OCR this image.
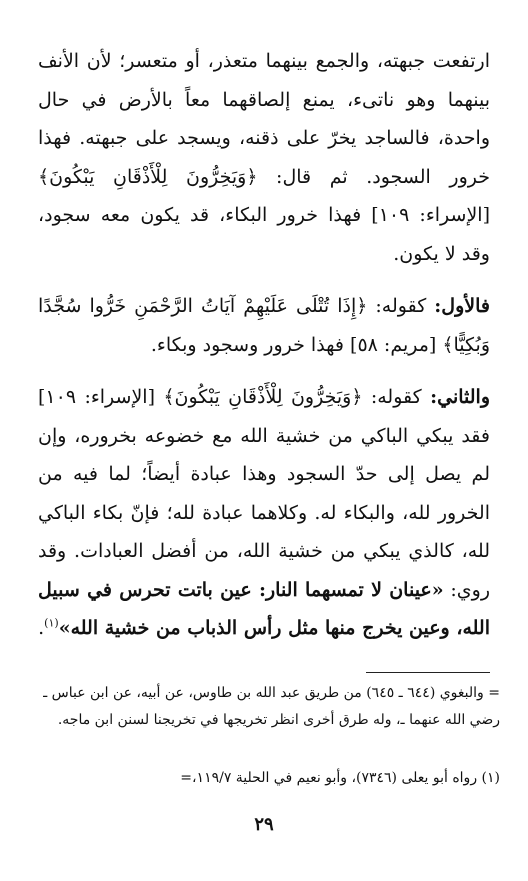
ارتفعت جبهته، والجمع بينهما متعذر، أو متعسر؛ لأن الأنف بينهما وهو ناتىء، يمنع إلصاقهما معاً بالأرض في حال واحدة، فالساجد يخرّ على ذقنه، ويسجد على جبهته. فهذا خرور السجود. ثم قال: ﴿وَيَخِرُّونَ لِلْأَذْقَانِ يَبْكُونَ﴾ [الإسراء: ١٠٩] فهذا خرور البكاء، قد يكون معه سجود، وقد لا يكون.

فالأول: كقوله: ﴿إِذَا تُتْلَى عَلَيْهِمْ آيَاتُ الرَّحْمَنِ خَرُّوا سُجَّدًا وَبُكِيًّا﴾ [مريم: ٥٨] فهذا خرور وسجود وبكاء.

والثاني: كقوله: ﴿وَيَخِرُّونَ لِلْأَذْقَانِ يَبْكُونَ﴾ [الإسراء: ١٠٩] فقد يبكي الباكي من خشية الله مع خضوعه بخروره، وإن لم يصل إلى حدّ السجود وهذا عبادة أيضاً؛ لما فيه من الخرور لله، والبكاء له. وكلاهما عبادة لله؛ فإنّ بكاء الباكي لله، كالذي يبكي من خشية الله، من أفضل العبادات. وقد روي: «عينان لا تمسهما النار: عين باتت تحرس في سبيل الله، وعين يخرج منها مثل رأس الذباب من خشية الله»$^{(١)}$.

= والبغوي (٦٤٤ ـ ٦٤٥) من طريق عبد الله بن طاوس، عن أبيه، عن ابن عباس ـ رضي الله عنهما ـ، وله طرق أخرى انظر تخريجها في تخريجنا لسنن ابن ماجه.
(١) رواه أبو يعلى (٧٣٤٦)، وأبو نعيم في الحلية ١١٩/٧،=
٢٩
